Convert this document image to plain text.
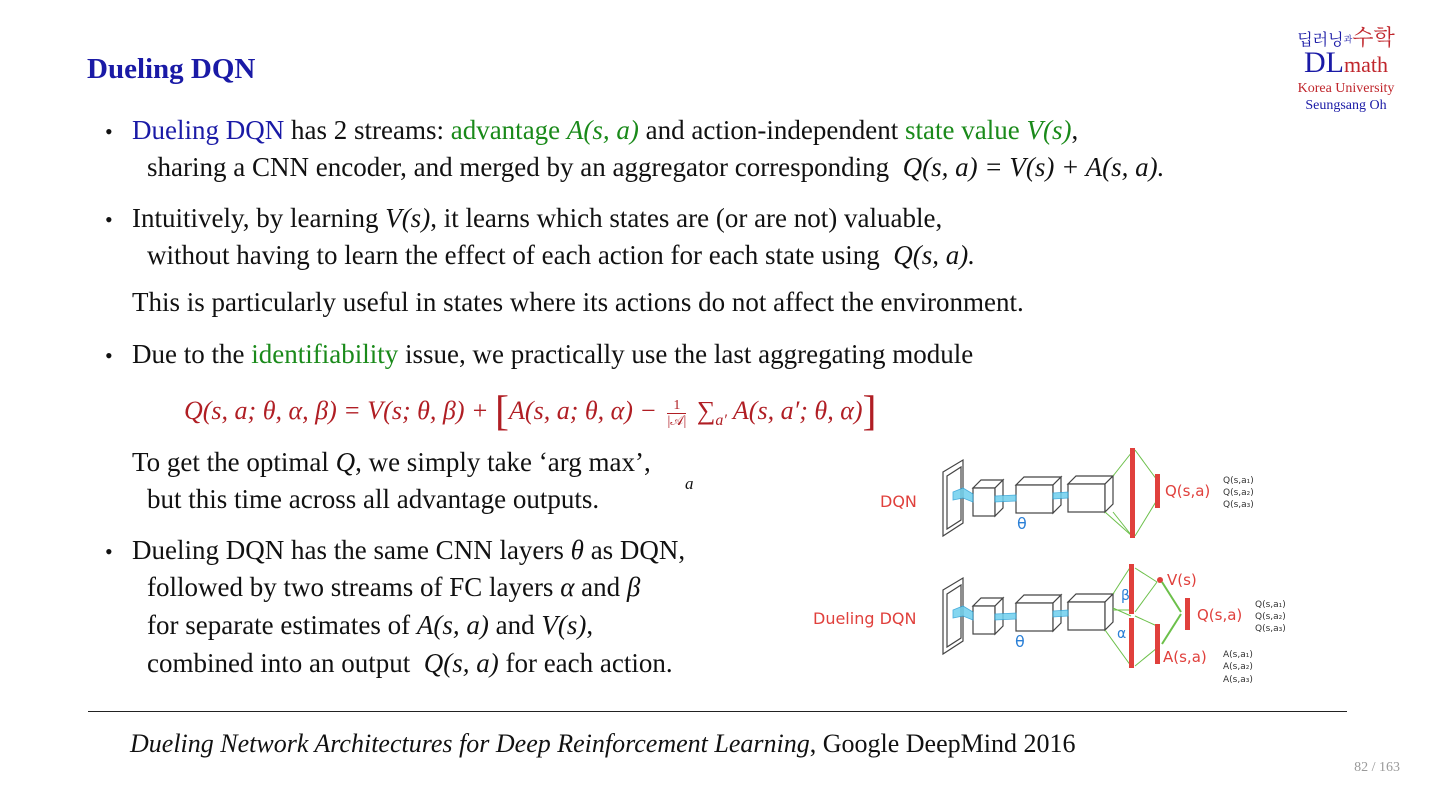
Dueling DQN
딥러닝과수학
DLmath
Korea University
Seungsang Oh
• Dueling DQN has 2 streams: advantage A(s, a) and action-independent state value V(s),
sharing a CNN encoder, and merged by an aggregator corresponding Q(s, a) = V(s) + A(s, a).
• Intuitively, by learning V(s), it learns which states are (or are not) valuable,
without having to learn the effect of each action for each state using Q(s, a).
This is particularly useful in states where its actions do not affect the environment.
• Due to the identifiability issue, we practically use the last aggregating module
Q(s, a; θ, α, β) = V(s; θ, β) + [A(s, a; θ, $\alpha) - \frac{1}{\text{|𝒜|}} \sum_{a'}$ A(s, a′; θ, α)]
To get the optimal Q, we simply take ‘arg max’,
but this time across all advantage outputs.
a
• Dueling DQN has the same CNN layers θ as DQN,
followed by two streams of FC layers α and β
for separate estimates of A(s, a) and V(s),
combined into an output  Q(s, a) for each action.
DQN
θ
Q(s,a)
Q(s,a₁)
Q(s,a₂)
Q(s,a₃)
Dueling DQN
β
α
θ
V(s)
Q(s,a)
A(s,a)
Q(s,a₁)
Q(s,a₂)
Q(s,a₃)
A(s,a₁)
A(s,a₂)
A(s,a₃)
Dueling Network Architectures for Deep Reinforcement Learning, Google DeepMind 2016
82 / 163
